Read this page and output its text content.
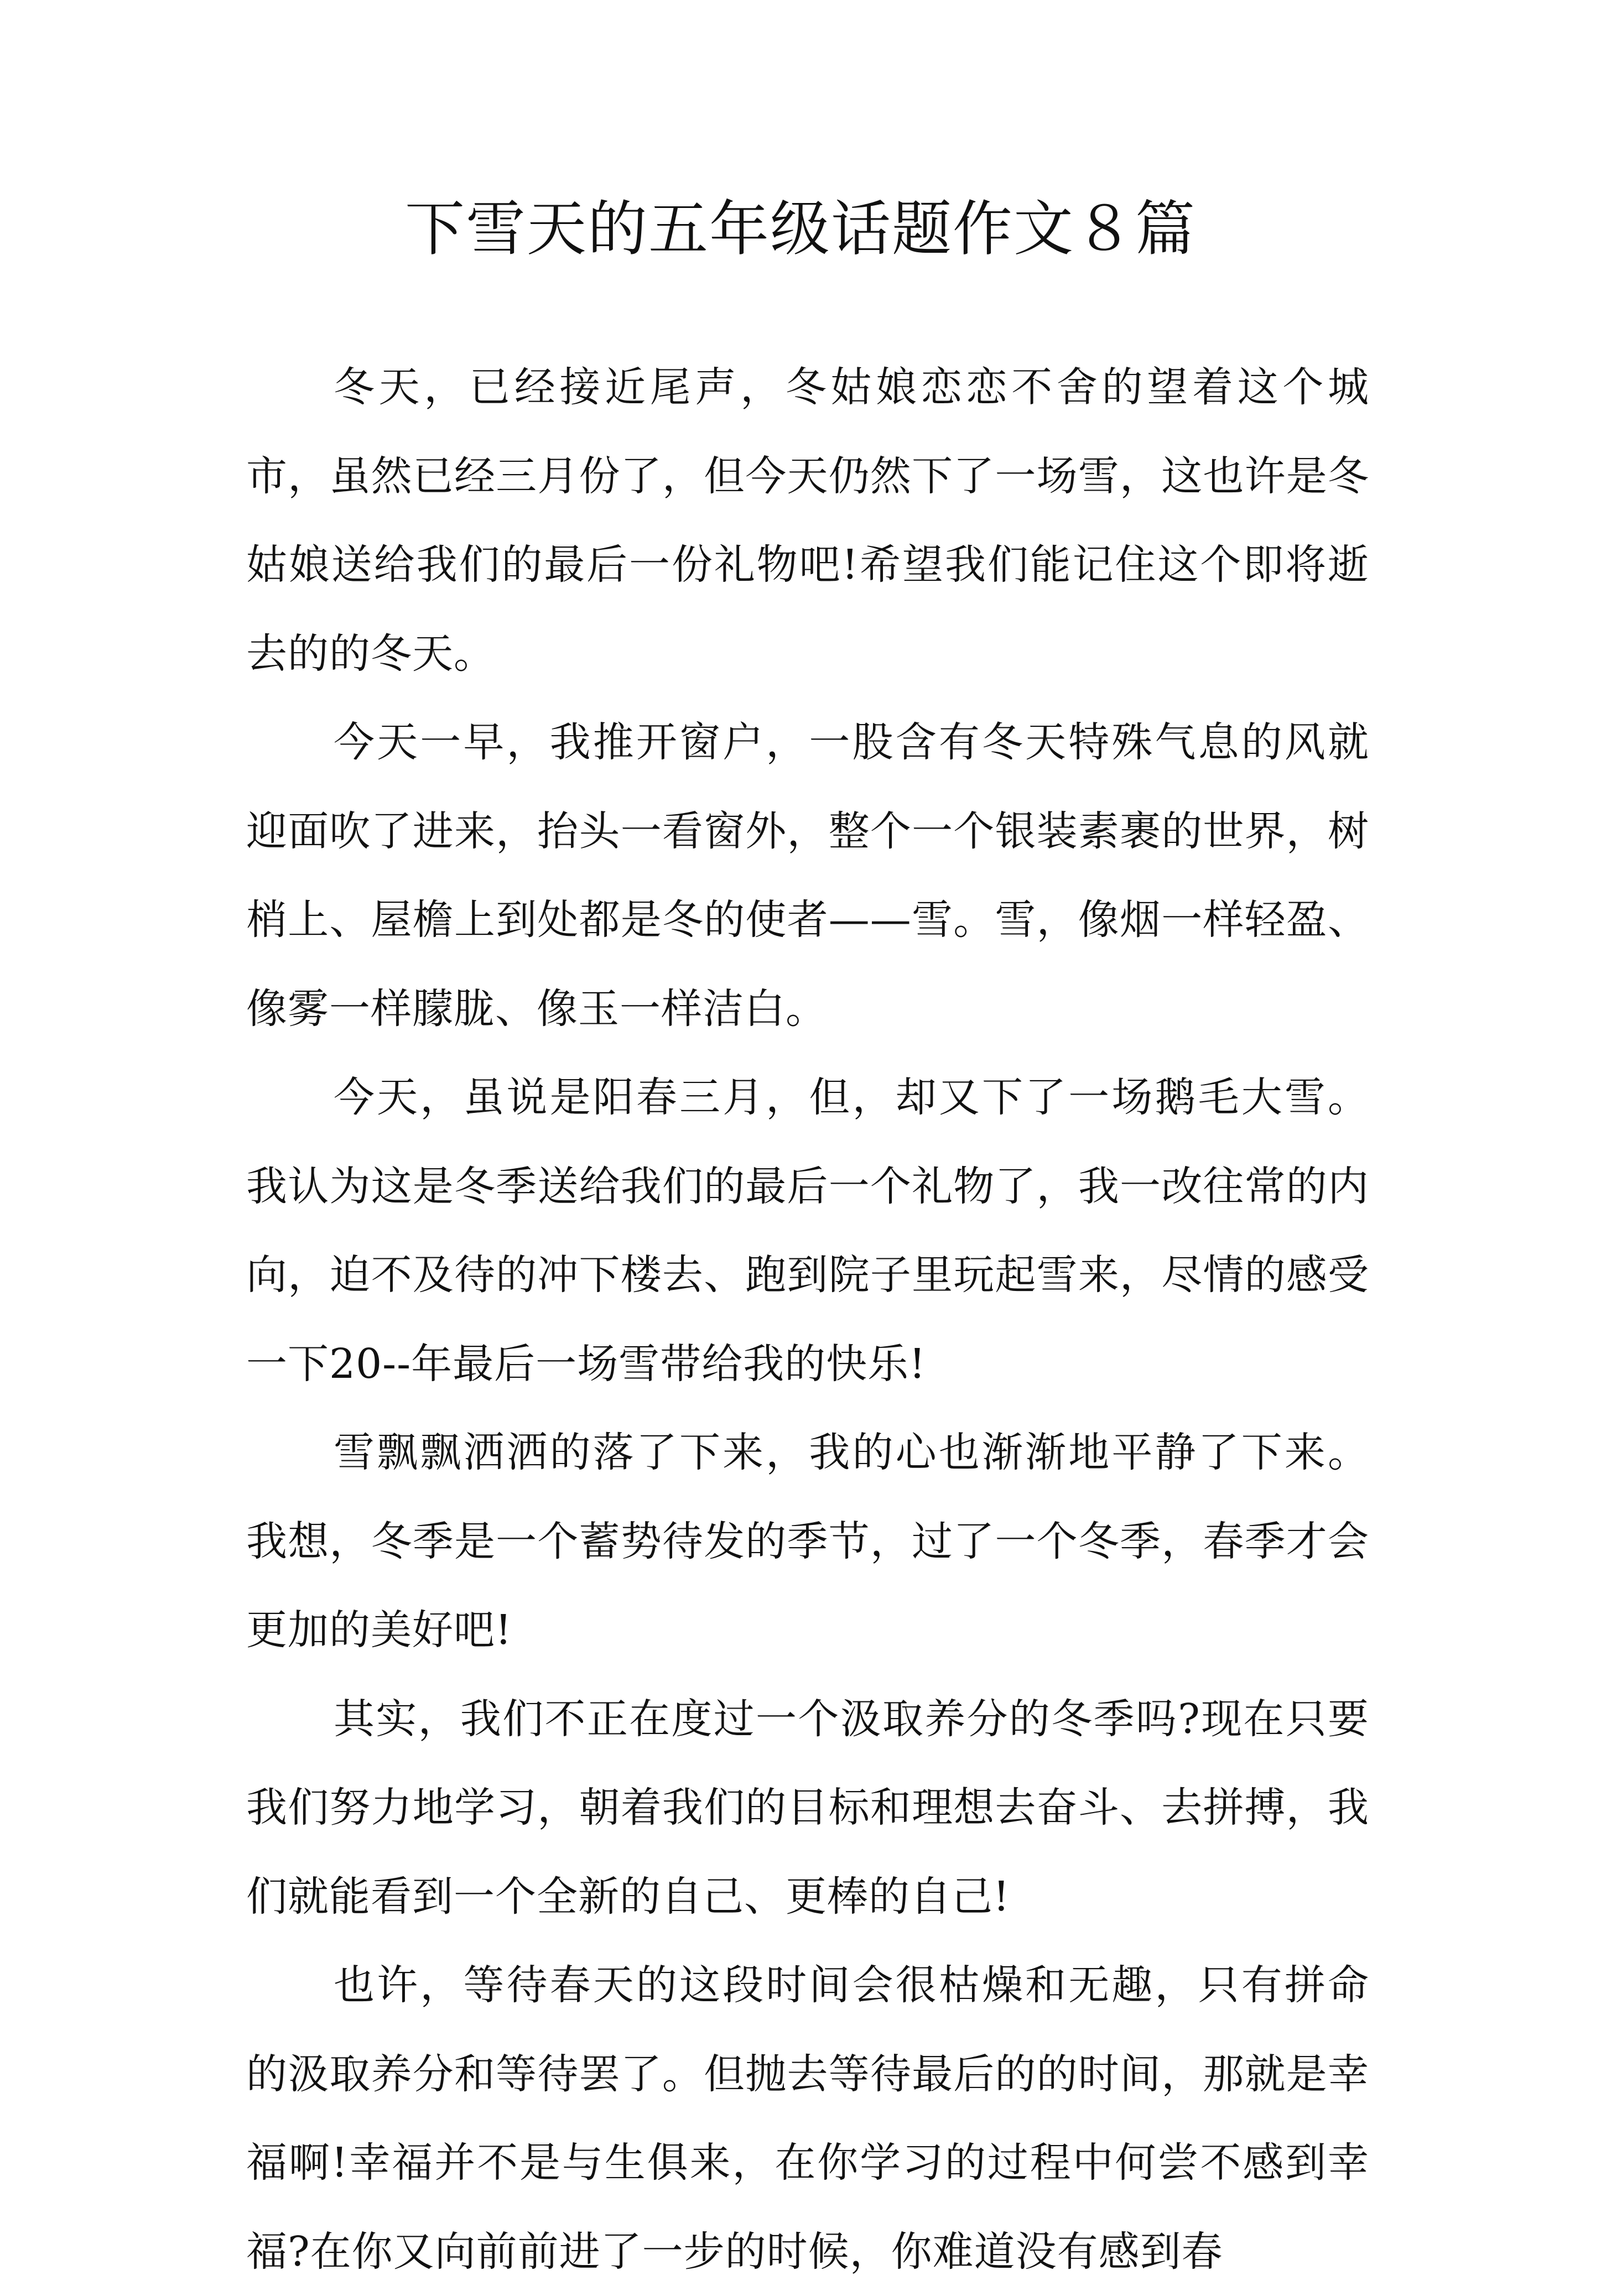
下雪天的五年级话题作文８篇

冬天，已经接近尾声，冬姑娘恋恋不舍的望着这个城市，虽然已经三月份了，但今天仍然下了一场雪，这也许是冬姑娘送给我们的最后一份礼物吧!希望我们能记住这个即将逝去的的冬天。

今天一早，我推开窗户，一股含有冬天特殊气息的风就迎面吹了进来，抬头一看窗外，整个一个银装素裹的世界，树梢上、屋檐上到处都是冬的使者——雪。雪，像烟一样轻盈、像雾一样朦胧、像玉一样洁白。

今天，虽说是阳春三月，但，却又下了一场鹅毛大雪。我认为这是冬季送给我们的最后一个礼物了，我一改往常的内向，迫不及待的冲下楼去、跑到院子里玩起雪来，尽情的感受一下20--年最后一场雪带给我的快乐!

雪飘飘洒洒的落了下来，我的心也渐渐地平静了下来。我想，冬季是一个蓄势待发的季节，过了一个冬季，春季才会更加的美好吧!

其实，我们不正在度过一个汲取养分的冬季吗?现在只要我们努力地学习，朝着我们的目标和理想去奋斗、去拼搏，我们就能看到一个全新的自己、更棒的自己!

也许，等待春天的这段时间会很枯燥和无趣，只有拼命的汲取养分和等待罢了。但抛去等待最后的的时间，那就是幸福啊!幸福并不是与生俱来，在你学习的过程中何尝不感到幸福?在你又向前前进了一步的时候，你难道没有感到春
